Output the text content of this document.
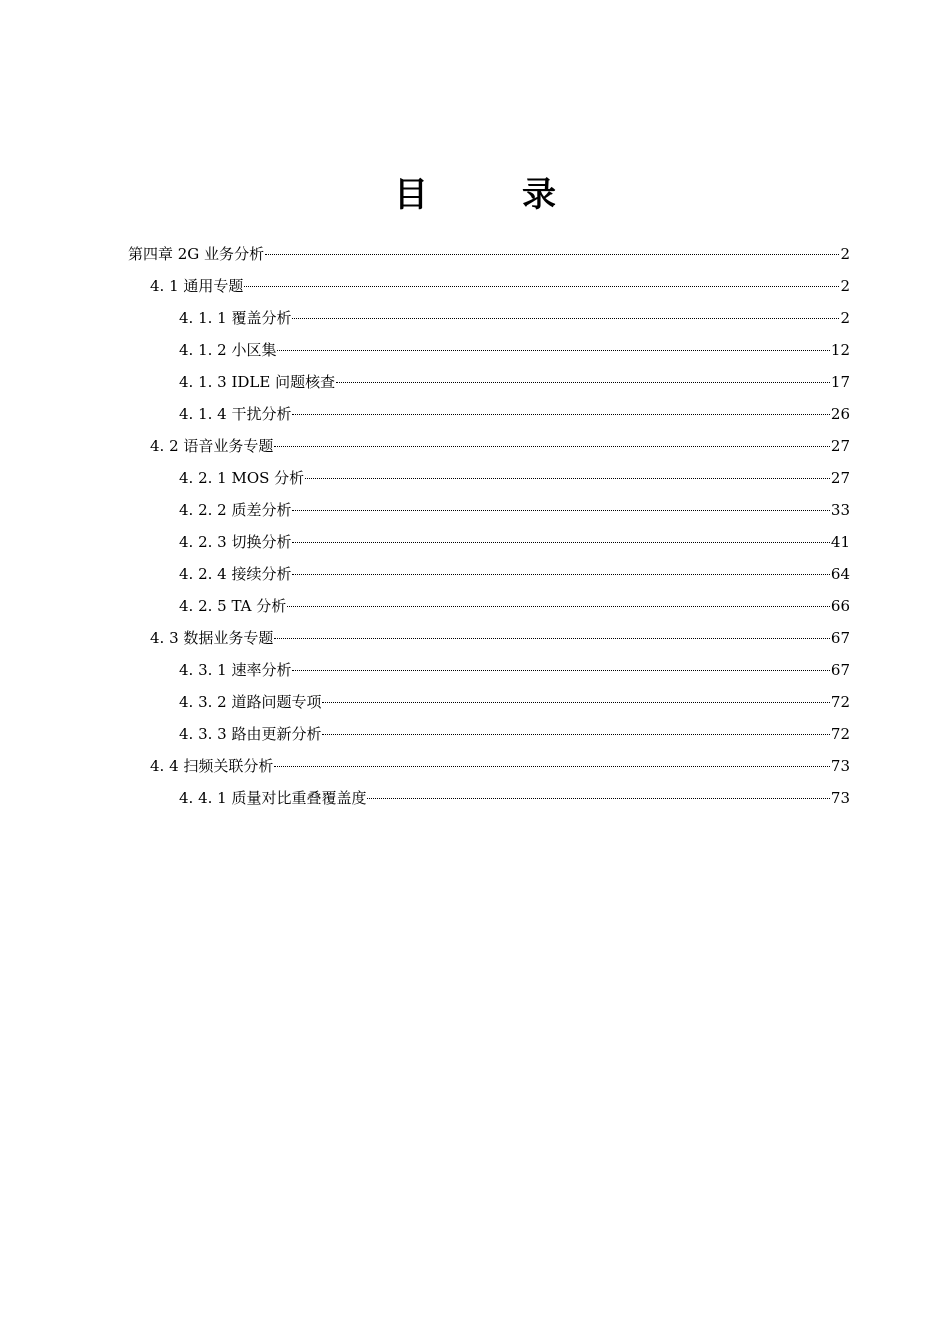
目　录
第四章 2G 业务分析	2
4. 1 通用专题	2
4. 1. 1 覆盖分析	2
4. 1. 2 小区集	12
4. 1. 3 IDLE 问题核查	17
4. 1. 4 干扰分析	26
4. 2 语音业务专题	27
4. 2. 1 MOS 分析	27
4. 2. 2 质差分析	33
4. 2. 3 切换分析	41
4. 2. 4 接续分析	64
4. 2. 5 TA 分析	66
4. 3 数据业务专题	67
4. 3. 1 速率分析	67
4. 3. 2 道路问题专项	72
4. 3. 3 路由更新分析	72
4. 4 扫频关联分析	73
4. 4. 1 质量对比重叠覆盖度	73
